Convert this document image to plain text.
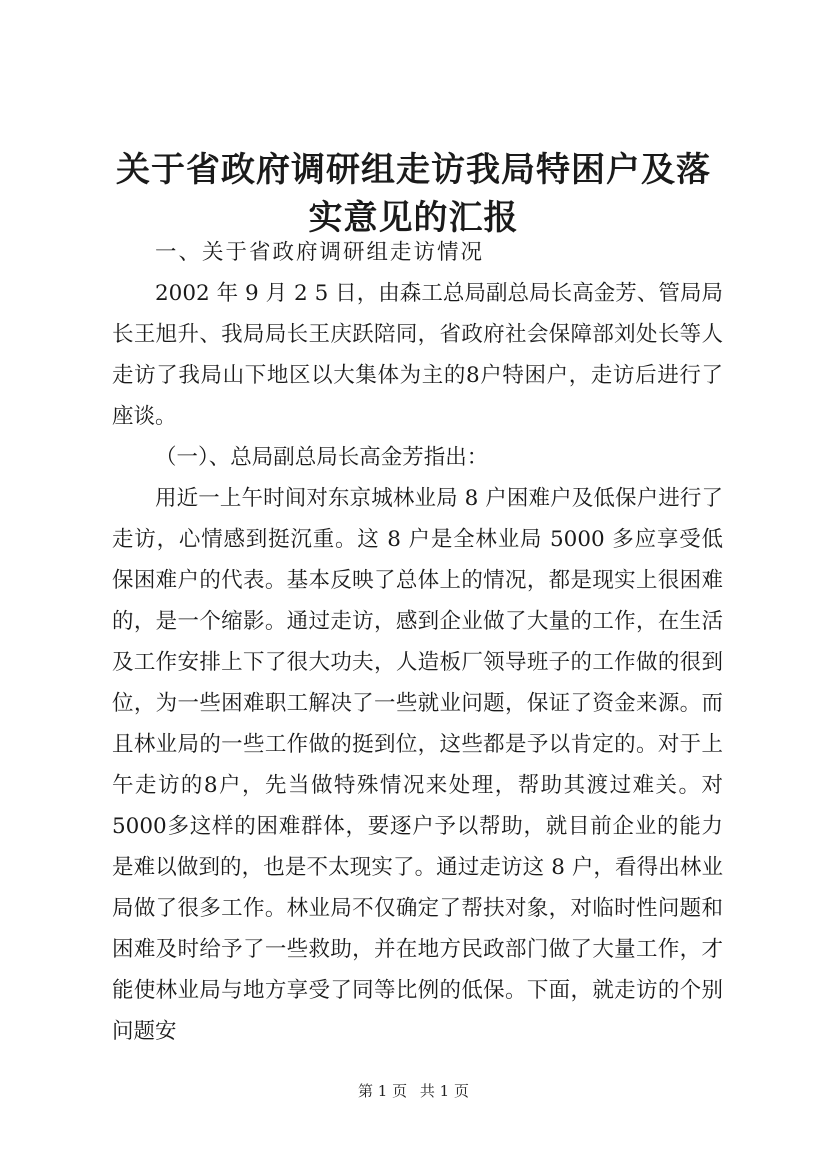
关于省政府调研组走访我局特困户及落实意见的汇报

一、关于省政府调研组走访情况

2002 年 9 月 2 5 日，由森工总局副总局长高金芳、管局局长王旭升、我局局长王庆跃陪同，省政府社会保障部刘处长等人走访了我局山下地区以大集体为主的8户特困户，走访后进行了座谈。

（一）、总局副总局长高金芳指出：

用近一上午时间对东京城林业局 8 户困难户及低保户进行了走访，心情感到挺沉重。这 8 户是全林业局 5000 多应享受低保困难户的代表。基本反映了总体上的情况，都是现实上很困难的，是一个缩影。通过走访，感到企业做了大量的工作，在生活及工作安排上下了很大功夫，人造板厂领导班子的工作做的很到位，为一些困难职工解决了一些就业问题，保证了资金来源。而且林业局的一些工作做的挺到位，这些都是予以肯定的。对于上午走访的8户，先当做特殊情况来处理，帮助其渡过难关。对5000多这样的困难群体，要逐户予以帮助，就目前企业的能力是难以做到的，也是不太现实了。通过走访这 8 户，看得出林业局做了很多工作。林业局不仅确定了帮扶对象，对临时性问题和困难及时给予了一些救助，并在地方民政部门做了大量工作，才能使林业局与地方享受了同等比例的低保。下面，就走访的个别问题安

第 1 页 共 1 页
